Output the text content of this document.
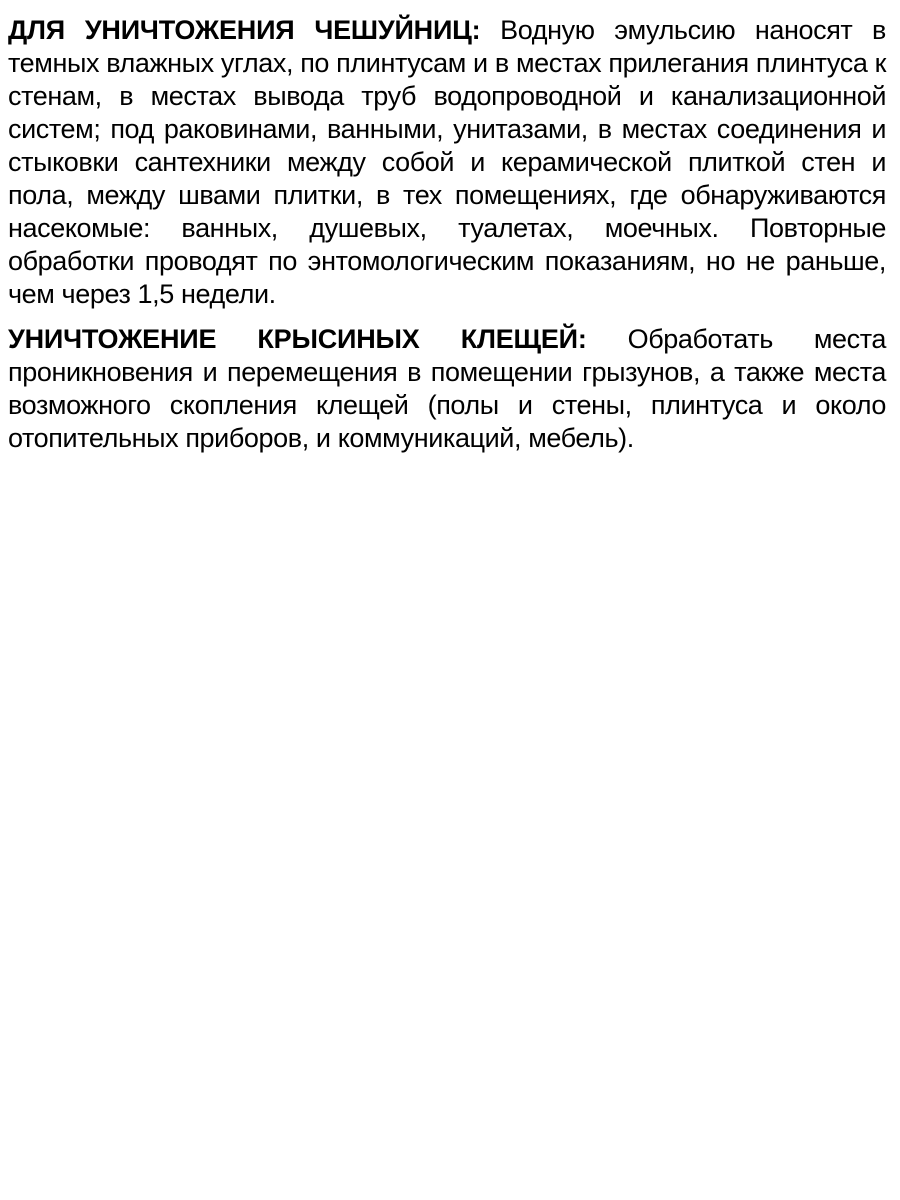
ДЛЯ УНИЧТОЖЕНИЯ ЧЕШУЙНИЦ: Водную эмульсию наносят в темных влажных углах, по плинтусам и в местах прилегания плинтуса к стенам, в местах вывода труб водопроводной и канализационной систем; под раковинами, ванными, унитазами, в местах соединения и стыковки сантехники между собой и керамической плиткой стен и пола, между швами плитки, в тех помещениях, где обнаруживаются насекомые: ванных, душевых, туалетах, моечных. Повторные обработки проводят по энтомологическим показаниям, но не раньше, чем через 1,5 недели.

УНИЧТОЖЕНИЕ КРЫСИНЫХ КЛЕЩЕЙ: Обработать места проникновения и перемещения в помещении грызунов, а также места возможного скопления клещей (полы и стены, плинтуса и около отопительных приборов, и коммуникаций, мебель).
